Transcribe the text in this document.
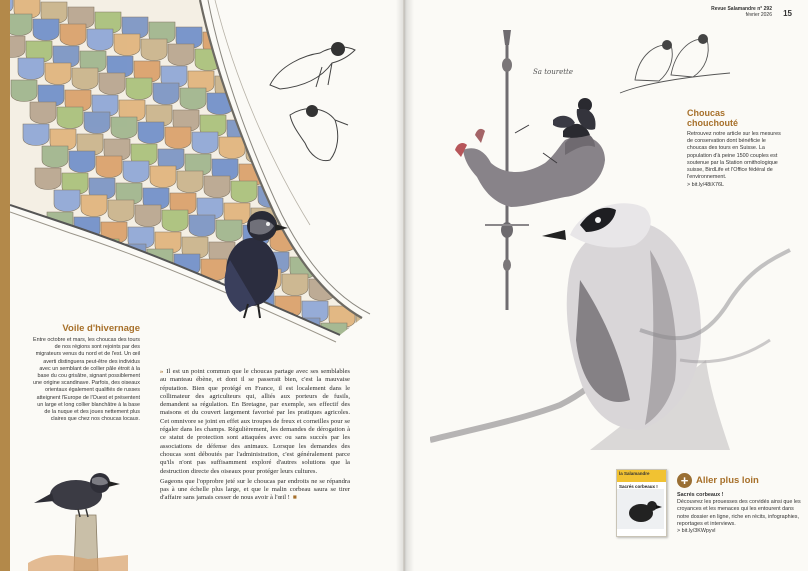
Voile d'hivernage
Entre octobre et mars, les choucas des tours de nos régions sont rejoints par des migrateurs venus du nord et de l'est. Un œil averti distinguera peut-être des individus avec un semblant de collier pâle étroit à la base du cou grisâtre, signant possiblement une origine scandinave. Parfois, des oiseaux orientaux également qualifiés de russes atteignent l'Europe de l'Ouest et présentent un large et long collier blanchâtre à la base de la nuque et des joues nettement plus claires que chez nos choucas locaux.

» Il est un point commun que le choucas partage avec ses semblables au manteau ébène, et dont il se passerait bien, c'est la mauvaise réputation. Bien que protégé en France, il est localement dans le collimateur des agriculteurs qui, alliés aux porteurs de fusils, demandent sa régulation. En Bretagne, par exemple, ses effectif des maisons et du couvert largement favorisé par les pratiques agricoles. Cet omnivore se joint en effet aux troupes de freux et corneilles pour se régaler dans les champs. Régulièrement, les demandes de dérogation à ce statut de protection sont attaquées avec ou sans succès par les associations de défense des animaux. Lorsque les demandes des choucas sont déboutés par l'administration, c'est généralement parce qu'ils n'ont pas suffisamment exploré d'autres solutions que la destruction directe des oiseaux pour protéger leurs cultures.

Gageons que l'opprobre jeté sur le choucas par endroits ne se répandra pas à une échelle plus large, et que le malin corbeau saura se tirer d'affaire sans jamais cesser de nous avoir à l'œil ! ■

Revue Salamandre n° 292
février 2026 15
Sa tourette
Choucas chouchouté
Retrouvez notre article sur les mesures de conservation dont bénéficie le choucas des tours en Suisse. La population d'à peine 1500 couples est soutenue par la Station ornithologique suisse, BirdLife et l'Office fédéral de l'environnement.
> bit.ly/48iX76L
+ Aller plus loin
Sacrés corbeaux !
Découvrez les prouesses des corvidés ainsi que les croyances et les menaces qui les entourent dans notre dossier en ligne, riche en récits, infographies, reportages et interviews.
> bit.ly/3KWpyvl
la Salamandre
Sacrés corbeaux !
